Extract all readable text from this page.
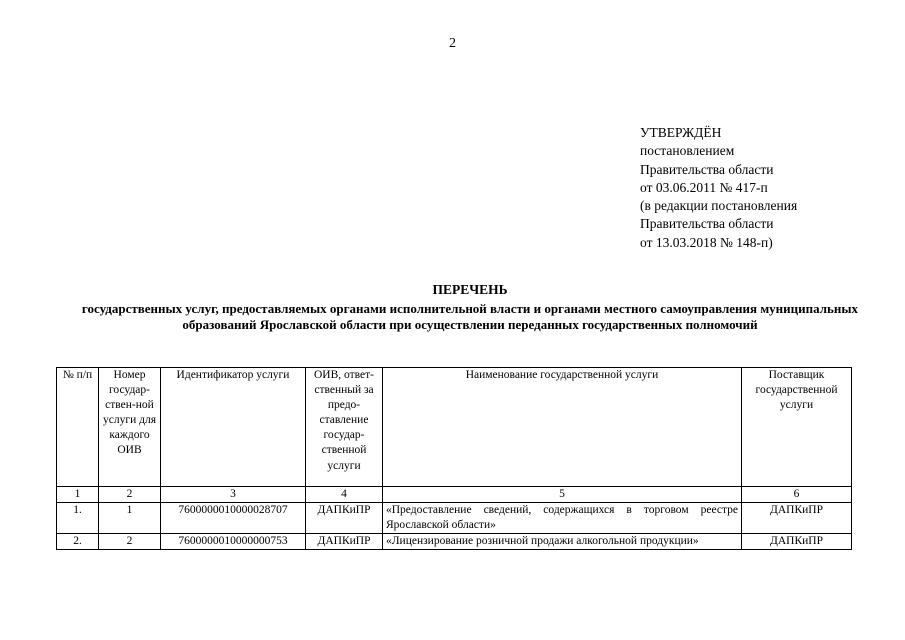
2
УТВЕРЖДЁН
постановлением
Правительства области
от 03.06.2011 № 417-п
(в редакции постановления
Правительства области
от 13.03.2018 № 148-п)
ПЕРЕЧЕНЬ
государственных услуг, предоставляемых органами исполнительной власти и органами местного самоуправления муниципальных образований Ярославской области при осуществлении переданных государственных полномочий
№ п/п	Номер государ-ствен-ной услуги для каждого ОИВ	Идентификатор услуги	ОИВ, ответ-ственный за предо-ставление государ-ственной услуги	Наименование государственной услуги	Поставщик государственной услуги
1	2	3	4	5	6
1.	1	7600000010000028707	ДАПКиПР	«Предоставление сведений, содержащихся в торговом реестре Ярославской области»	ДАПКиПР
2.	2	7600000010000000753	ДАПКиПР	«Лицензирование розничной продажи алкогольной продукции»	ДАПКиПР
